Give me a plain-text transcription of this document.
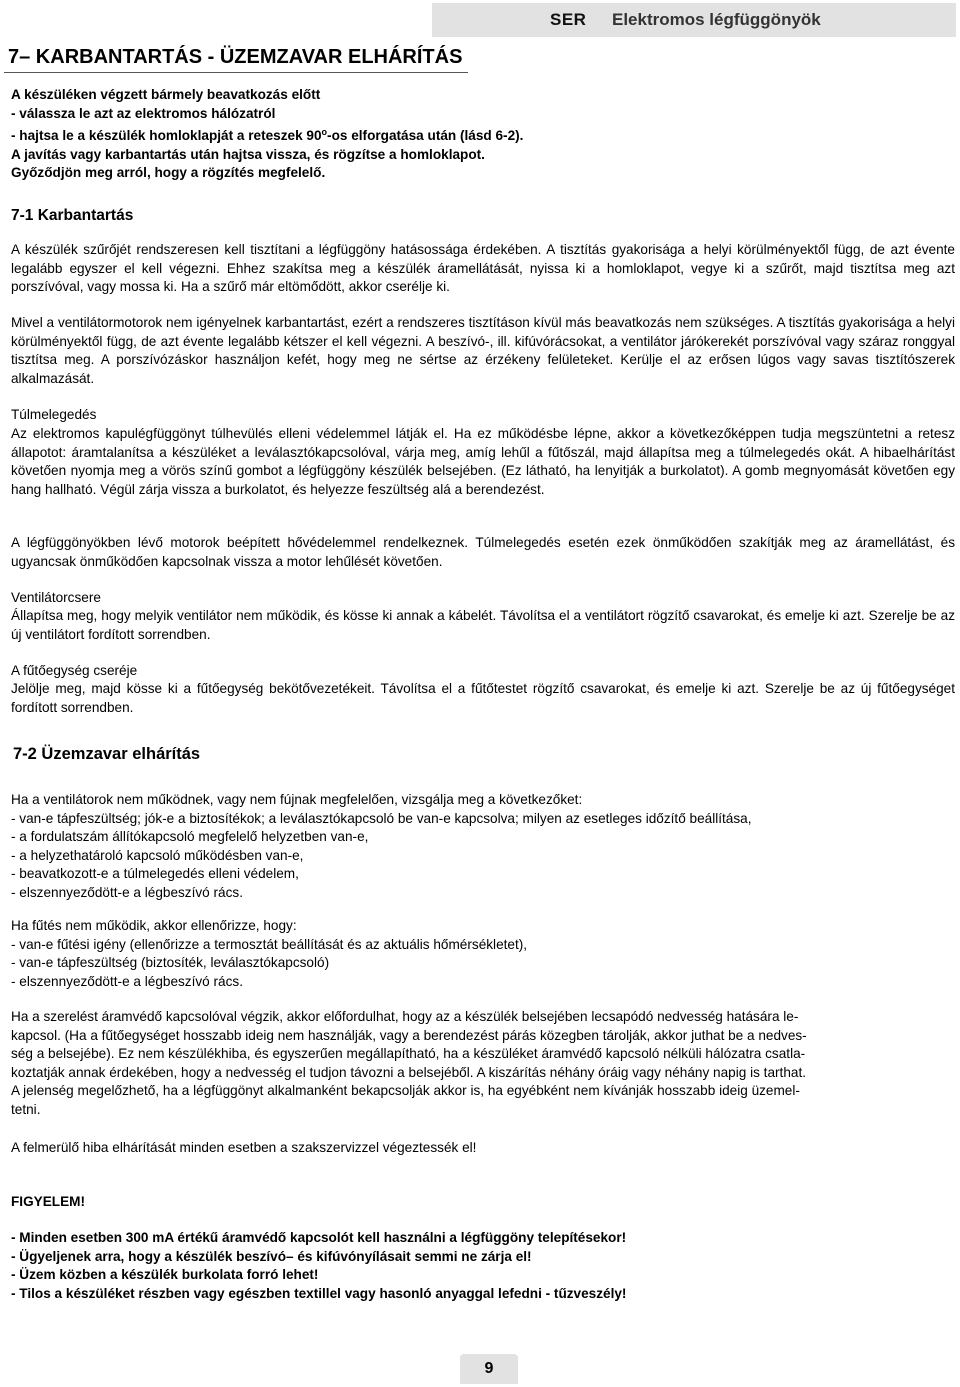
SER Elektromos légfüggönyök
7– KARBANTARTÁS - ÜZEMZAVAR ELHÁRÍTÁS

A készüléken végzett bármely beavatkozás előtt

- válassza le azt az elektromos hálózatról

- hajtsa le a készülék homloklapját a reteszek 90$^o$-os elforgatása után (lásd 6-2).

A javítás vagy karbantartás után hajtsa vissza, és rögzítse a homloklapot.

Győződjön meg arról, hogy a rögzítés megfelelő.

7-1 Karbantartás
A készülék szűrőjét rendszeresen kell tisztítani a légfüggöny hatásossága érdekében. A tisztítás gyakorisága a helyi körülményektől függ, de azt évente legalább egyszer el kell végezni. Ehhez szakítsa meg a készülék áramellátását, nyissa ki a homloklapot, vegye ki a szűrőt, majd tisztítsa meg azt porszívóval, vagy mossa ki. Ha a szűrő már eltömődött, akkor cserélje ki.
Mivel a ventilátormotorok nem igényelnek karbantartást, ezért a rendszeres tisztításon kívül más beavatkozás nem szükséges. A tisztítás gyakorisága a helyi körülményektől függ, de azt évente legalább kétszer el kell végezni. A beszívó-, ill. kifúvórácsokat, a ventilátor járókerekét porszívóval vagy száraz ronggyal tisztítsa meg. A porszívózáskor használjon kefét, hogy meg ne sértse az érzékeny felületeket. Kerülje el az erősen lúgos vagy savas tisztítószerek alkalmazását.
Túlmelegedés
Az elektromos kapulégfüggönyt túlhevülés elleni védelemmel látják el. Ha ez működésbe lépne, akkor a következőképpen tudja megszüntetni a retesz állapotot: áramtalanítsa a készüléket a leválasztókapcsolóval, várja meg, amíg lehűl a fűtőszál, majd állapítsa meg a túlmelegedés okát. A hibaelhárítást követően nyomja meg a vörös színű gombot a légfüggöny készülék belsejében. (Ez látható, ha lenyitják a burkolatot). A gomb megnyomását követően egy hang hallható. Végül zárja vissza a burkolatot, és helyezze feszültség alá a berendezést.
A légfüggönyökben lévő motorok beépített hővédelemmel rendelkeznek. Túlmelegedés esetén ezek önműködően szakítják meg az áramellátást, és ugyancsak önműködően kapcsolnak vissza a motor lehűlését követően.
Ventilátorcsere
Állapítsa meg, hogy melyik ventilátor nem működik, és kösse ki annak a kábelét. Távolítsa el a ventilátort rögzítő csavarokat, és emelje ki azt. Szerelje be az új ventilátort fordított sorrendben.
A fűtőegység cseréje
Jelölje meg, majd kösse ki a fűtőegység bekötővezetékeit. Távolítsa el a fűtőtestet rögzítő csavarokat, és emelje ki azt. Szerelje be az új fűtőegységet fordított sorrendben.
7-2 Üzemzavar elhárítás

Ha a ventilátorok nem működnek, vagy nem fújnak megfelelően, vizsgálja meg a következőket:

- van-e tápfeszültség; jók-e a biztosítékok; a leválasztókapcsoló be van-e kapcsolva; milyen az esetleges időzítő beállítása,

- a fordulatszám állítókapcsoló megfelelő helyzetben van-e,

- a helyzethatároló kapcsoló működésben van-e,

- beavatkozott-e a túlmelegedés elleni védelem,

- elszennyeződött-e a légbeszívó rács.

Ha fűtés nem működik, akkor ellenőrizze, hogy:

- van-e fűtési igény (ellenőrizze a termosztát beállítását és az aktuális hőmérsékletet),

- van-e tápfeszültség (biztosíték, leválasztókapcsoló)

- elszennyeződött-e a légbeszívó rács.

Ha a szerelést áramvédő kapcsolóval végzik, akkor előfordulhat, hogy az a készülék belsejében lecsapódó nedvesség hatására le-

kapcsol. (Ha a fűtőegységet hosszabb ideig nem használják, vagy a berendezést párás közegben tárolják, akkor juthat be a nedves-

ség a belsejébe). Ez nem készülékhiba, és egyszerűen megállapítható, ha a készüléket áramvédő kapcsoló nélküli hálózatra csatla-

koztatják annak érdekében, hogy a nedvesség el tudjon távozni a belsejéből. A kiszárítás néhány óráig vagy néhány napig is tarthat.

A jelenség megelőzhető, ha a légfüggönyt alkalmanként bekapcsolják akkor is, ha egyébként nem kívánják hosszabb ideig üzemel-

tetni.

A felmerülő hiba elhárítását minden esetben a szakszervizzel végeztessék el!
FIGYELEM!

- Minden esetben 300 mA értékű áramvédő kapcsolót kell használni a légfüggöny telepítésekor!

- Ügyeljenek arra, hogy a készülék beszívó– és kifúvónyílásait semmi ne zárja el!

- Üzem közben a készülék burkolata forró lehet!

- Tilos a készüléket részben vagy egészben textillel vagy hasonló anyaggal lefedni - tűzveszély!

9
